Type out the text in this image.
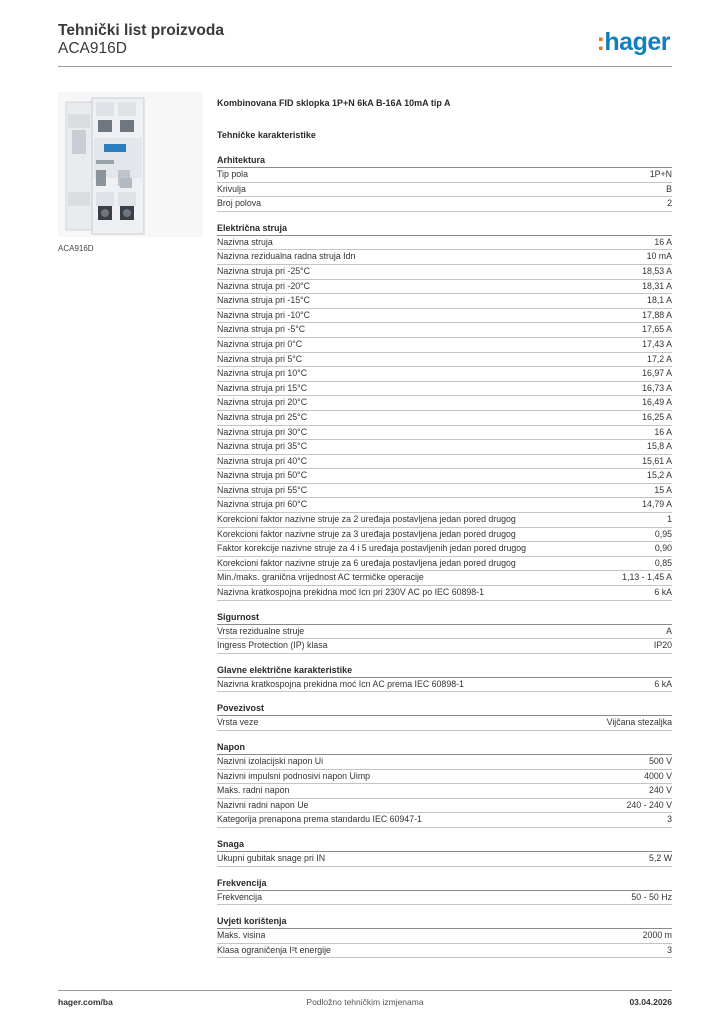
Tehnički list proizvoda
ACA916D	:hager
ACA916D
Kombinovana FID sklopka 1P+N 6kA B-16A 10mA tip A
Tehničke karakteristike
Arhitektura
Tip pola	1P+N
Krivulja	B
Broj polova	2
Električna struja
Nazivna struja	16 A
Nazivna rezidualna radna struja Idn	10 mA
Nazivna struja pri -25°C	18,53 A
Nazivna struja pri -20°C	18,31 A
Nazivna struja pri -15°C	18,1 A
Nazivna struja pri -10°C	17,88 A
Nazivna struja pri -5°C	17,65 A
Nazivna struja pri 0°C	17,43 A
Nazivna struja pri 5°C	17,2 A
Nazivna struja pri 10°C	16,97 A
Nazivna struja pri 15°C	16,73 A
Nazivna struja pri 20°C	16,49 A
Nazivna struja pri 25°C	16,25 A
Nazivna struja pri 30°C	16 A
Nazivna struja pri 35°C	15,8 A
Nazivna struja pri 40°C	15,61 A
Nazivna struja pri 50°C	15,2 A
Nazivna struja pri 55°C	15 A
Nazivna struja pri 60°C	14,79 A
Korekcioni faktor nazivne struje za 2 uređaja postavljena jedan pored drugog	1
Korekcioni faktor nazivne struje za 3 uređaja postavljena jedan pored drugog	0,95
Faktor korekcije nazivne struje za 4 i 5 uređaja postavljenih jedan pored drugog	0,90
Korekcioni faktor nazivne struje za 6 uređaja postavljena jedan pored drugog	0,85
Min./maks. granična vrijednost AC termičke operacije	1,13 - 1,45 A
Nazivna kratkospojna prekidna moć Icn pri 230V AC po IEC 60898-1	6 kA
Sigurnost
Vrsta rezidualne struje	A
Ingress Protection (IP) klasa	IP20
Glavne električne karakteristike
Nazivna kratkospojna prekidna moć Icn AC prema IEC 60898-1	6 kA
Povezivost
Vrsta veze	Vijčana stezaljka
Napon
Nazivni izolacijski napon Ui	500 V
Nazivni impulsni podnosivi napon Uimp	4000 V
Maks. radni napon	240 V
Nazivni radni napon Ue	240 - 240 V
Kategorija prenapona prema standardu IEC 60947-1	3
Snaga
Ukupni gubitak snage pri IN	5,2 W
Frekvencija
Frekvencija	50 - 50 Hz
Uvjeti korištenja
Maks. visina	2000 m
Klasa ograničenja I²t energije	3
hager.com/ba	Podložno tehničkim izmjenama	03.04.2026
